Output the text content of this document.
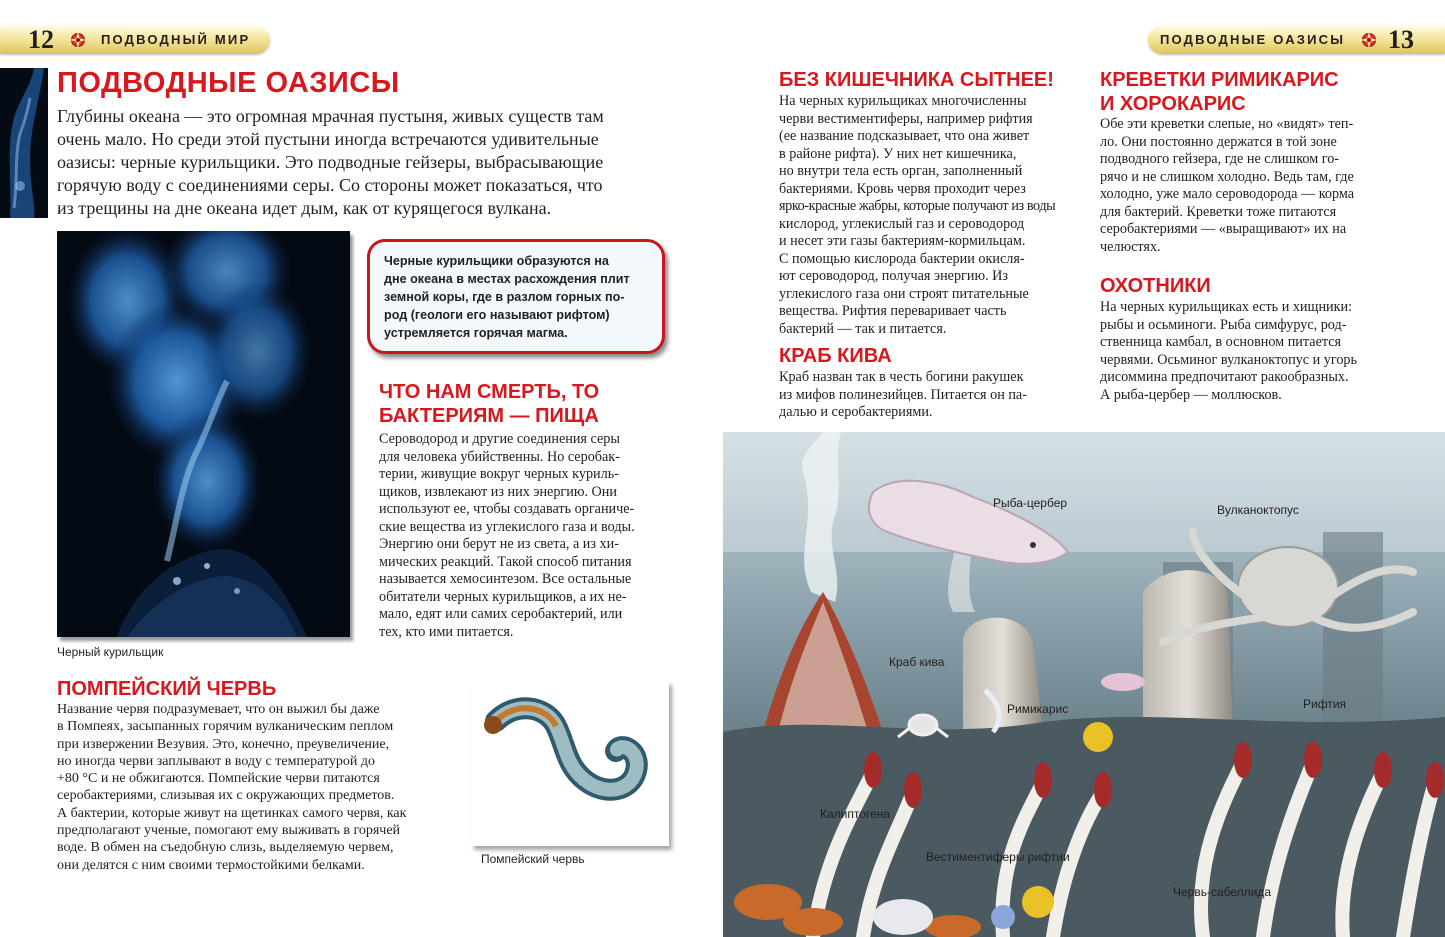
12	ПОДВОДНЫЙ МИР	ПОДВОДНЫЕ ОАЗИСЫ 13
ПОДВОДНЫЕ ОАЗИСЫ
Глубины океана — это огромная мрачная пустыня, живых существ там
очень мало. Но среди этой пустыни иногда встречаются удивительные
оазисы: черные курильщики. Это подводные гейзеры, выбрасывающие
горячую воду с соединениями серы. Со стороны может показаться, что
из трещины на дне океана идет дым, как от курящегося вулкана.

Черный курильщик

Черные курильщики образуются на
дне океана в местах расхождения плит
земной коры, где в разлом горных по-
род (геологи его называют рифтом)
устремляется горячая магма.

ЧТО НАМ СМЕРТЬ, ТО
БАКТЕРИЯМ — ПИЩА
Сероводород и другие соединения серы
для человека убийственны. Но серобак-
терии, живущие вокруг черных куриль-
щиков, извлекают из них энергию. Они
используют ее, чтобы создавать органиче-
ские вещества из углекислого газа и воды.
Энергию они берут не из света, а из хи-
мических реакций. Такой способ питания
называется хемосинтезом. Все остальные
обитатели черных курильщиков, а их не-
мало, едят или самих серобактерий, или
тех, кто ими питается.
ПОМПЕЙСКИЙ ЧЕРВЬ
Название червя подразумевает, что он выжил бы даже
в Помпеях, засыпанных горячим вулканическим пеплом
при извержении Везувия. Это, конечно, преувеличение,
но иногда черви заплывают в воду с температурой до
+80 °С и не обжигаются. Помпейские черви питаются
серобактериями, слизывая их с окружающих предметов.
А бактерии, которые живут на щетинках самого червя, как
предполагают ученые, помогают ему выживать в горячей
воде. В обмен на съедобную слизь, выделяемую червем,
они делятся с ним своими термостойкими белками.	Помпейский червь

БЕЗ КИШЕЧНИКА СЫТНЕЕ!
На черных курильщиках многочисленны
черви вестиментиферы, например рифтия
(ее название подсказывает, что она живет
в районе рифта). У них нет кишечника,
но внутри тела есть орган, заполненный
бактериями. Кровь червя проходит через
ярко-красные жабры, которые получают из воды
кислород, углекислый газ и сероводород
и несет эти газы бактериям-кормильцам.
С помощью кислорода бактерии окисля-
ют сероводород, получая энергию. Из
углекислого газа они строят питательные
вещества. Рифтия переваривает часть
бактерий — так и питается.
КРАБ КИВА
Краб назван так в честь богини ракушек
из мифов полинезийцев. Питается он па-
далью и серобактериями.
КРЕВЕТКИ РИМИКАРИС
И ХОРОКАРИС
Обе эти креветки слепые, но «видят» теп-
ло. Они постоянно держатся в той зоне
подводного гейзера, где не слишком го-
рячо и не слишком холодно. Ведь там, где
холодно, уже мало сероводорода — корма
для бактерий. Креветки тоже питаются
серобактериями — «выращивают» их на
челюстях.
ОХОТНИКИ
На черных курильщиках есть и хищники:
рыбы и осьминоги. Рыба симфурус, род-
ственница камбал, в основном питается
червями. Осьминог вулканоктопус и угорь
дисоммина предпочитают ракообразных.
А рыба-цербер — моллюсков.
Рыба-цербер	Вулканоктопус
Краб кива
Римикарис	Рифтия
Калиптогена
Вестиментиферы рифтии
Червь-сабеллида
